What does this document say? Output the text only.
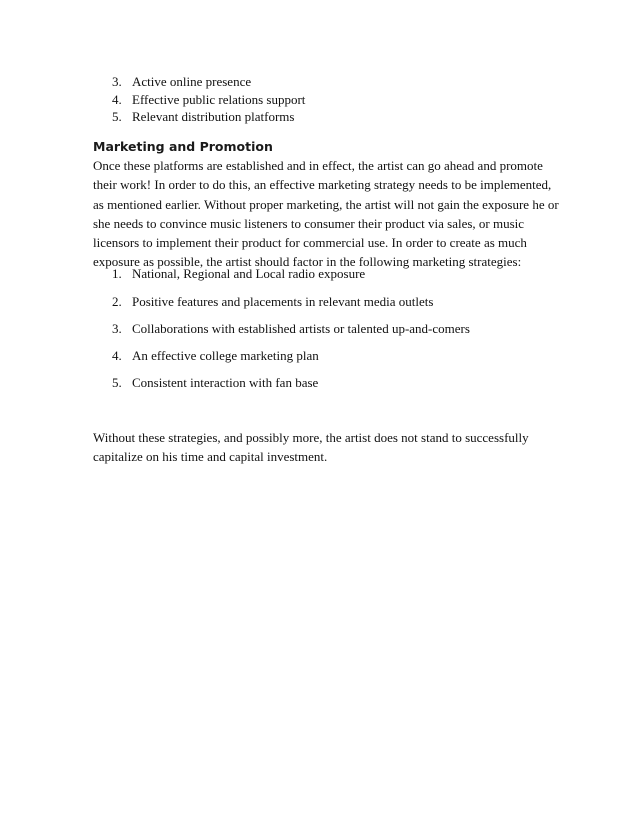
3. Active online presence
4. Effective public relations support
5. Relevant distribution platforms
Marketing and Promotion

Once these platforms are established and in effect, the artist can go ahead and promote
their work! In order to do this, an effective marketing strategy needs to be implemented,
as mentioned earlier. Without proper marketing, the artist will not gain the exposure he or
she needs to convince music listeners to consumer their product via sales, or music
licensors to implement their product for commercial use. In order to create as much
exposure as possible, the artist should factor in the following marketing strategies:

1. National, Regional and Local radio exposure
2. Positive features and placements in relevant media outlets
3. Collaborations with established artists or talented up-and-comers
4. An effective college marketing plan
5. Consistent interaction with fan base

Without these strategies, and possibly more, the artist does not stand to successfully
capitalize on his time and capital investment.
